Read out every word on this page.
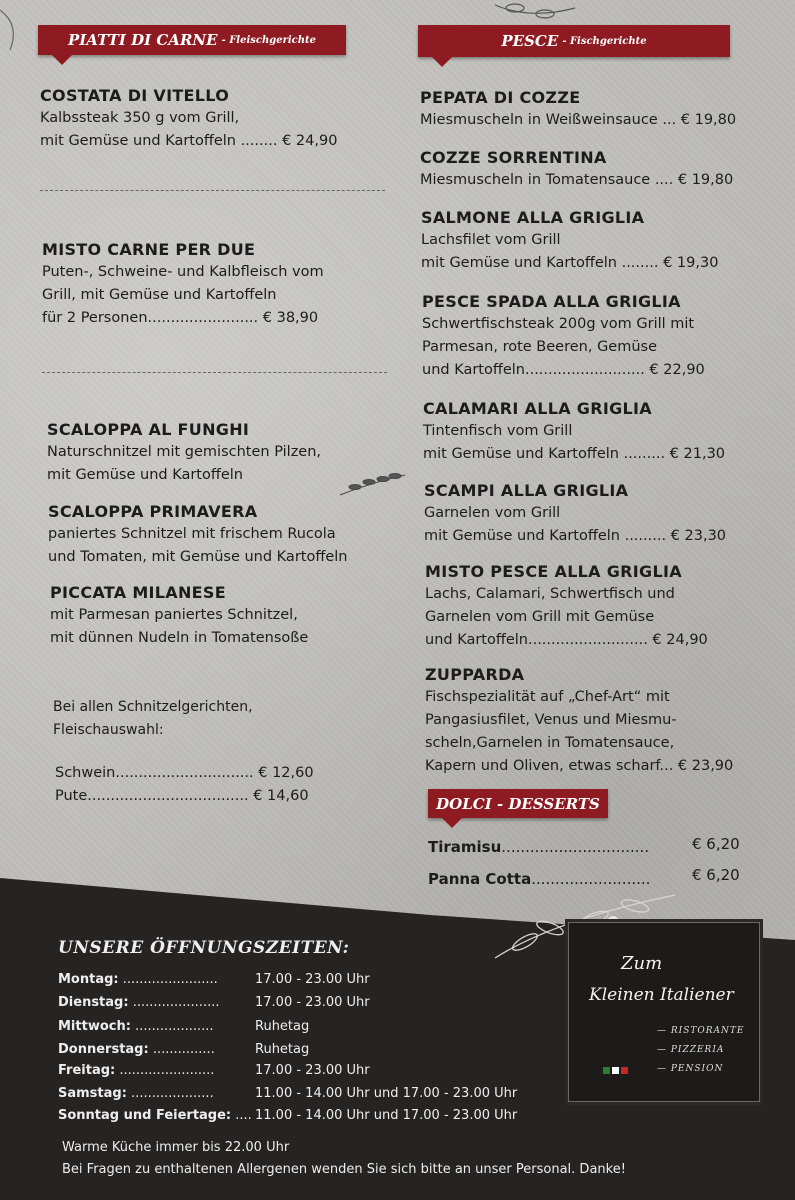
PIATTI DI CARNE - Fleischgerichte
COSTATA DI VITELLO
Kalbssteak 350 g vom Grill,
mit Gemüse und Kartoffeln ........ € 24,90
MISTO CARNE PER DUE
Puten-, Schweine- und Kalbfleisch vom
Grill, mit Gemüse und Kartoffeln
für 2 Personen........................ € 38,90
SCALOPPA AL FUNGHI
Naturschnitzel mit gemischten Pilzen,
mit Gemüse und Kartoffeln
SCALOPPA PRIMAVERA
paniertes Schnitzel mit frischem Rucola
und Tomaten, mit Gemüse und Kartoffeln
PICCATA MILANESE
mit Parmesan paniertes Schnitzel,
mit dünnen Nudeln in Tomatensoße
Bei allen Schnitzelgerichten,
Fleischauswahl:
Schwein.............................. € 12,60
Pute................................... € 14,60
PESCE - Fischgerichte
PEPATA DI COZZE
Miesmuscheln in Weißweinsauce ... € 19,80
COZZE SORRENTINA
Miesmuscheln in Tomatensauce .... € 19,80
SALMONE ALLA GRIGLIA
Lachsfilet vom Grill
mit Gemüse und Kartoffeln ........ € 19,30
PESCE SPADA ALLA GRIGLIA
Schwertfischsteak 200g vom Grill mit
Parmesan, rote Beeren, Gemüse
und Kartoffeln.......................... € 22,90
CALAMARI ALLA GRIGLIA
Tintenfisch vom Grill
mit Gemüse und Kartoffeln ......... € 21,30
SCAMPI ALLA GRIGLIA
Garnelen vom Grill
mit Gemüse und Kartoffeln ......... € 23,30
MISTO PESCE ALLA GRIGLIA
Lachs, Calamari, Schwertfisch und
Garnelen vom Grill mit Gemüse
und Kartoffeln.......................... € 24,90
ZUPPARDA
Fischspezialität auf „Chef-Art“ mit
Pangasiusfilet, Venus und Miesmu-
scheln,Garnelen in Tomatensauce,
Kapern und Oliven, etwas scharf... € 23,90
DOLCI - DESSERTS
Tiramisu...............................	€ 6,20
Panna Cotta.........................	€ 6,20
UNSERE ÖFFNUNGSZEITEN:
Montag: .......................	17.00 - 23.00 Uhr
Dienstag: .....................	17.00 - 23.00 Uhr
Mittwoch: ...................	Ruhetag
Donnerstag: ...............	Ruhetag
Freitag: .......................	17.00 - 23.00 Uhr
Samstag: ....................	11.00 - 14.00 Uhr und 17.00 - 23.00 Uhr
Sonntag und Feiertage: .... 11.00 - 14.00 Uhr und 17.00 - 23.00 Uhr
Warme Küche immer bis 22.00 Uhr
Bei Fragen zu enthaltenen Allergenen wenden Sie sich bitte an unser Personal. Danke!
Zum
Kleinen Italiener
— RISTORANTE
— PIZZERIA
— PENSION
